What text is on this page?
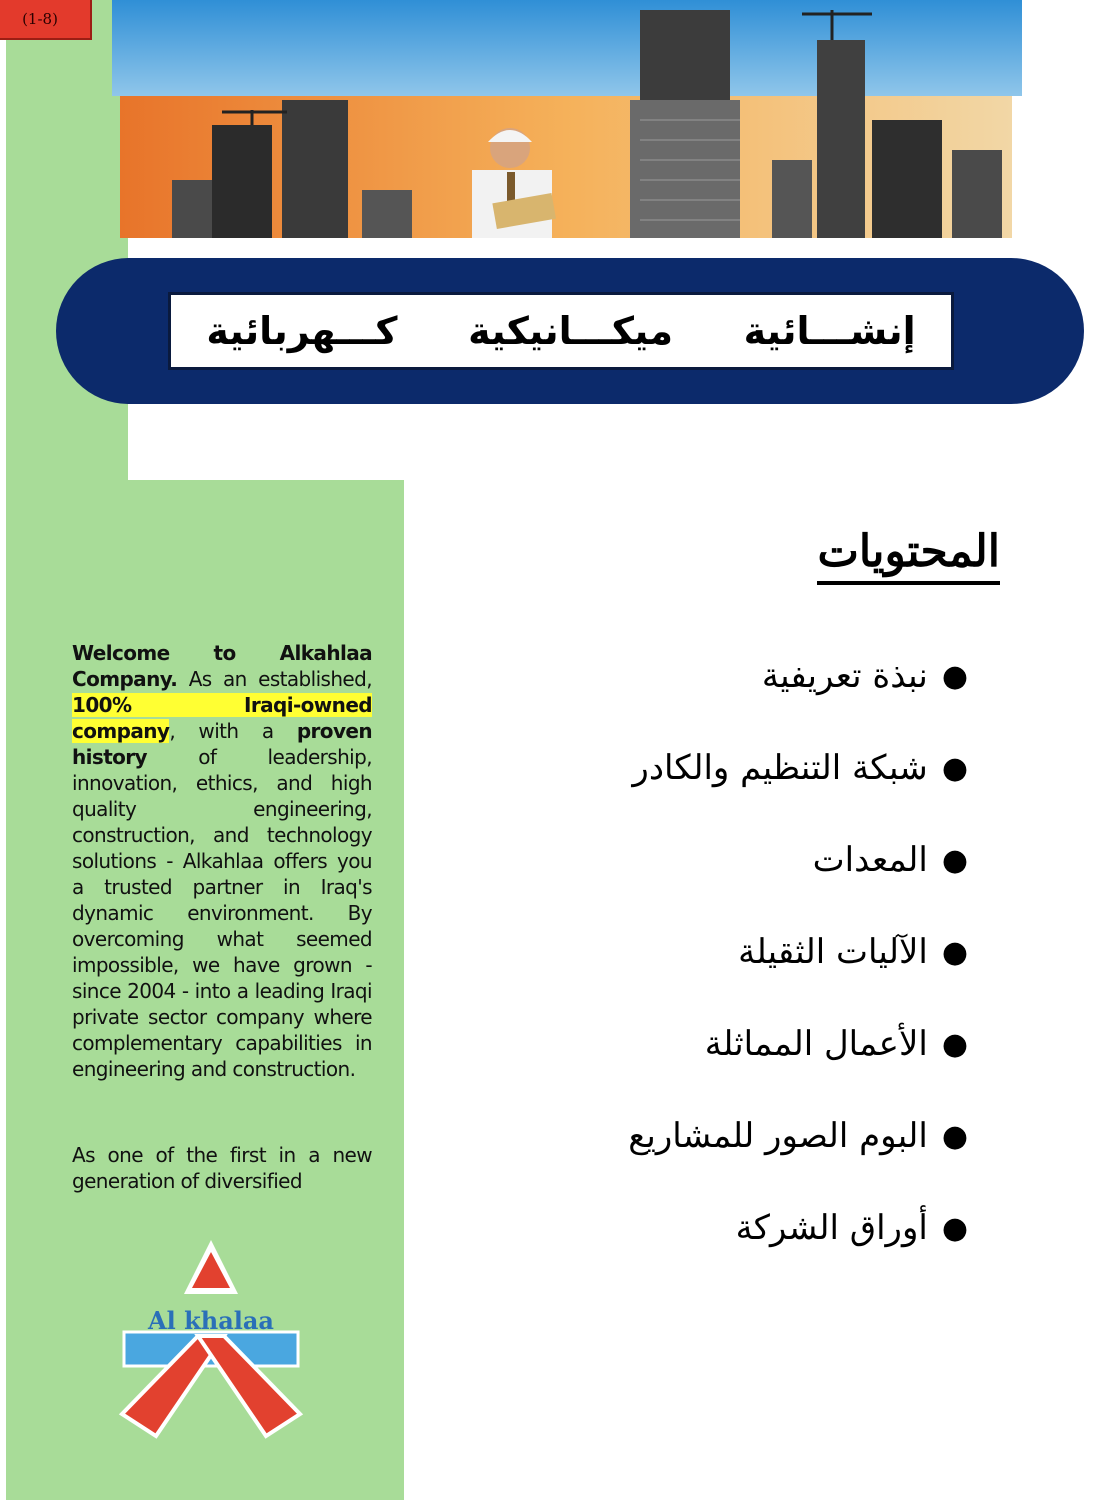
(1-8)
إنشـــائية
ميكـــانيكية
كـــهربائية
المحتويات
●
نبذة تعريفية
●
شبكة التنظيم والكادر
●
المعدات
●
الآليات الثقيلة
●
الأعمال المماثلة
●
البوم الصور للمشاريع
●
أوراق الشركة

Welcome to Alkahlaa Company. As an established, 100% Iraqi-owned company, with a proven history of leadership, innovation, ethics, and high quality engineering, construction, and technology solutions - Alkahlaa offers you a trusted partner in Iraq's dynamic environment. By overcoming what seemed impossible, we have grown - since 2004 - into a leading Iraqi private sector company where complementary capabilities in engineering and construction.

As one of the first in a new generation of diversified

Al khalaa
